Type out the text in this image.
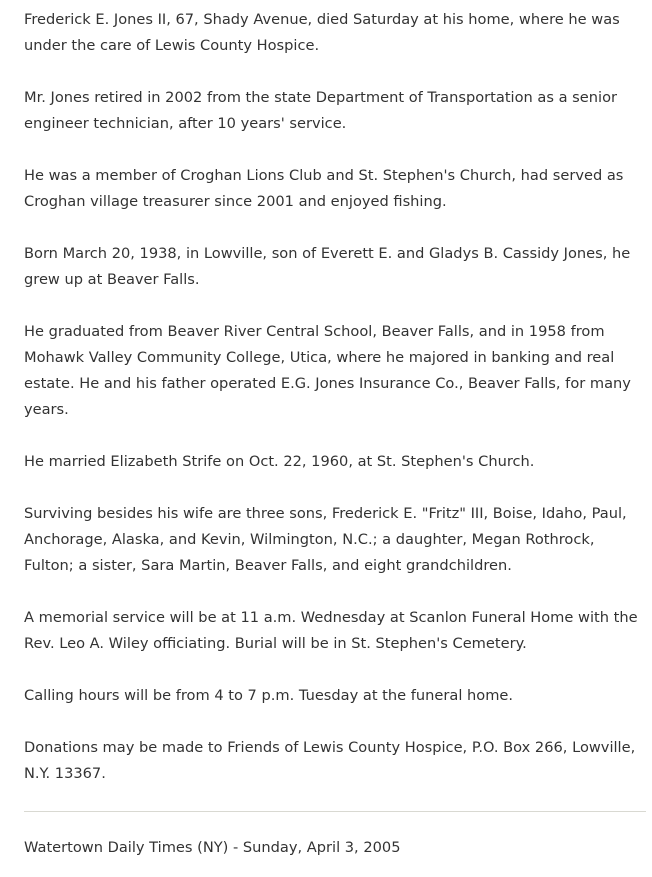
Frederick E. Jones II, 67, Shady Avenue, died Saturday at his home, where he was under the care of Lewis County Hospice.

Mr. Jones retired in 2002 from the state Department of Transportation as a senior engineer technician, after 10 years' service.

He was a member of Croghan Lions Club and St. Stephen's Church, had served as Croghan village treasurer since 2001 and enjoyed fishing.

Born March 20, 1938, in Lowville, son of Everett E. and Gladys B. Cassidy Jones, he grew up at Beaver Falls.

He graduated from Beaver River Central School, Beaver Falls, and in 1958 from Mohawk Valley Community College, Utica, where he majored in banking and real estate. He and his father operated E.G. Jones Insurance Co., Beaver Falls, for many years.

He married Elizabeth Strife on Oct. 22, 1960, at St. Stephen's Church.

Surviving besides his wife are three sons, Frederick E. "Fritz" III, Boise, Idaho, Paul, Anchorage, Alaska, and Kevin, Wilmington, N.C.; a daughter, Megan Rothrock, Fulton; a sister, Sara Martin, Beaver Falls, and eight grandchildren.

A memorial service will be at 11 a.m. Wednesday at Scanlon Funeral Home with the Rev. Leo A. Wiley officiating. Burial will be in St. Stephen's Cemetery.

Calling hours will be from 4 to 7 p.m. Tuesday at the funeral home.

Donations may be made to Friends of Lewis County Hospice, P.O. Box 266, Lowville, N.Y. 13367.

Watertown Daily Times (NY) - Sunday, April 3, 2005
